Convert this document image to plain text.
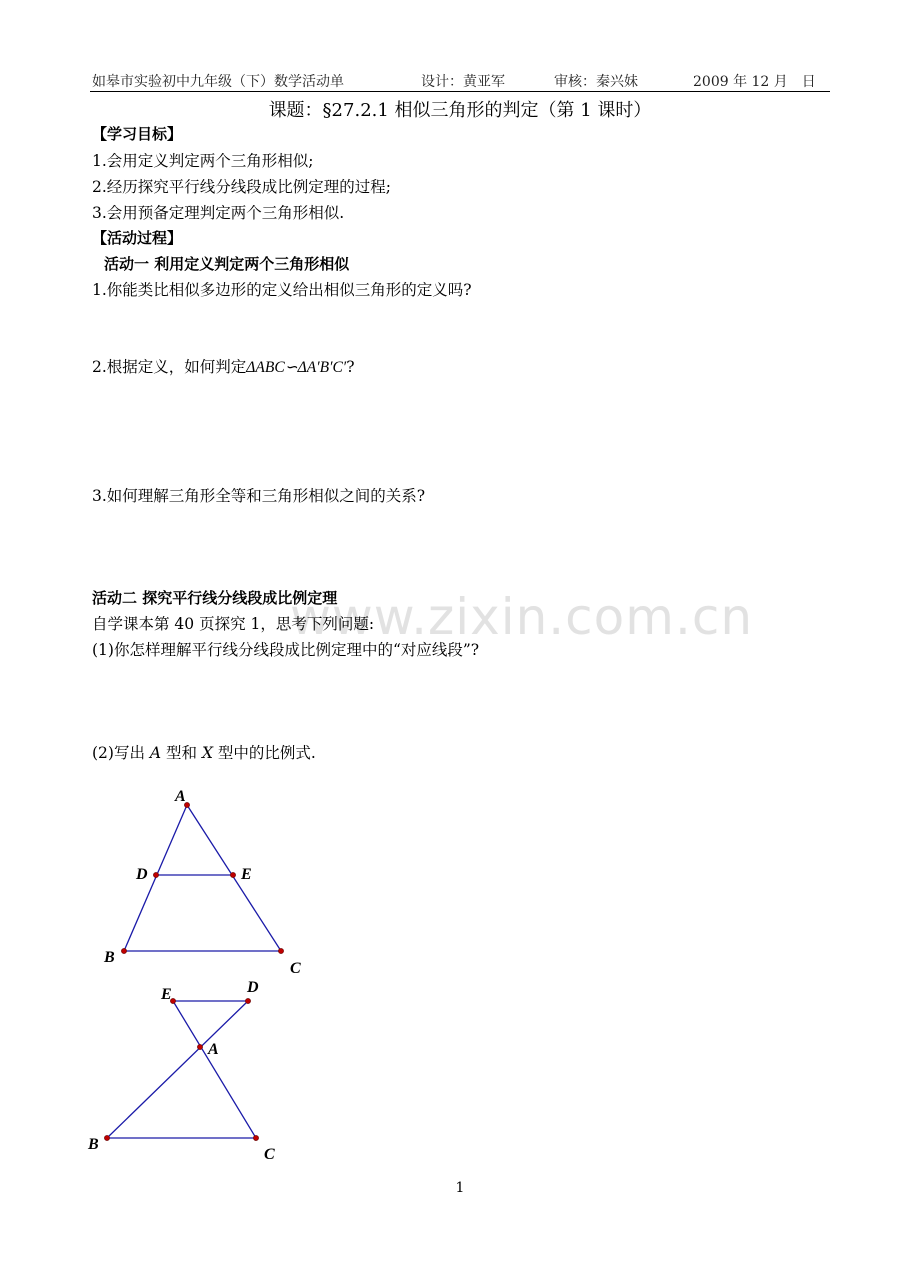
如皋市实验初中九年级（下）数学活动单	设计：黄亚军	审核：秦兴妹	2009 年 12 月　日
课题：§27.2.1 相似三角形的判定（第 1 课时）
【学习目标】
1.会用定义判定两个三角形相似;
2.经历探究平行线分线段成比例定理的过程;
3.会用预备定理判定两个三角形相似.
【活动过程】
活动一 利用定义判定两个三角形相似
1.你能类比相似多边形的定义给出相似三角形的定义吗?
2.根据定义，如何判定ΔABC∽ΔA′B′C′?
3.如何理解三角形全等和三角形相似之间的关系?
www.zixin.com.cn
活动二 探究平行线分线段成比例定理
自学课本第 40 页探究 1，思考下列问题:
(1)你怎样理解平行线分线段成比例定理中的“对应线段”?
(2)写出 A 型和 X 型中的比例式.
A
D	E
B
C
E	D
A
B
C
1
